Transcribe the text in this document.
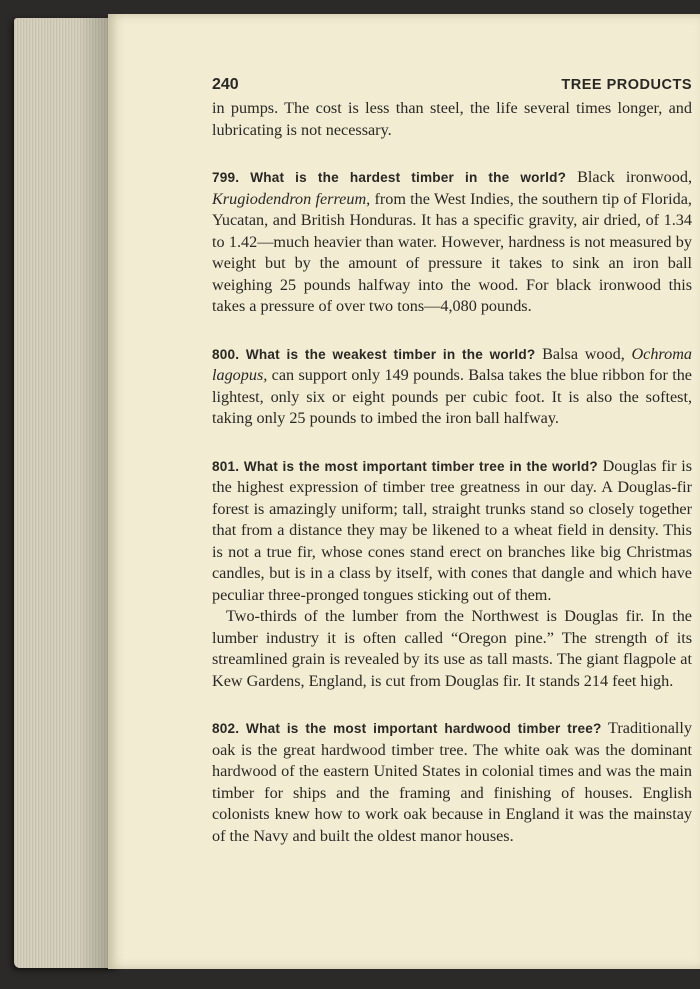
240	TREE PRODUCTS

in pumps. The cost is less than steel, the life several times longer, and lubricating is not necessary.

799. What is the hardest timber in the world? Black ironwood, Krugiodendron ferreum, from the West Indies, the southern tip of Florida, Yucatan, and British Honduras. It has a specific gravity, air dried, of 1.34 to 1.42—much heavier than water. However, hardness is not measured by weight but by the amount of pressure it takes to sink an iron ball weighing 25 pounds halfway into the wood. For black ironwood this takes a pressure of over two tons—4,080 pounds.

800. What is the weakest timber in the world? Balsa wood, Ochroma lagopus, can support only 149 pounds. Balsa takes the blue ribbon for the lightest, only six or eight pounds per cubic foot. It is also the softest, taking only 25 pounds to imbed the iron ball halfway.

801. What is the most important timber tree in the world? Douglas fir is the highest expression of timber tree greatness in our day. A Douglas-fir forest is amazingly uniform; tall, straight trunks stand so closely together that from a distance they may be likened to a wheat field in density. This is not a true fir, whose cones stand erect on branches like big Christmas candles, but is in a class by itself, with cones that dangle and which have peculiar three-pronged tongues sticking out of them.

Two-thirds of the lumber from the Northwest is Douglas fir. In the lumber industry it is often called “Oregon pine.” The strength of its streamlined grain is revealed by its use as tall masts. The giant flagpole at Kew Gardens, England, is cut from Douglas fir. It stands 214 feet high.

802. What is the most important hardwood timber tree? Traditionally oak is the great hardwood timber tree. The white oak was the dominant hardwood of the eastern United States in colonial times and was the main timber for ships and the framing and finishing of houses. English colonists knew how to work oak because in England it was the mainstay of the Navy and built the oldest manor houses.
